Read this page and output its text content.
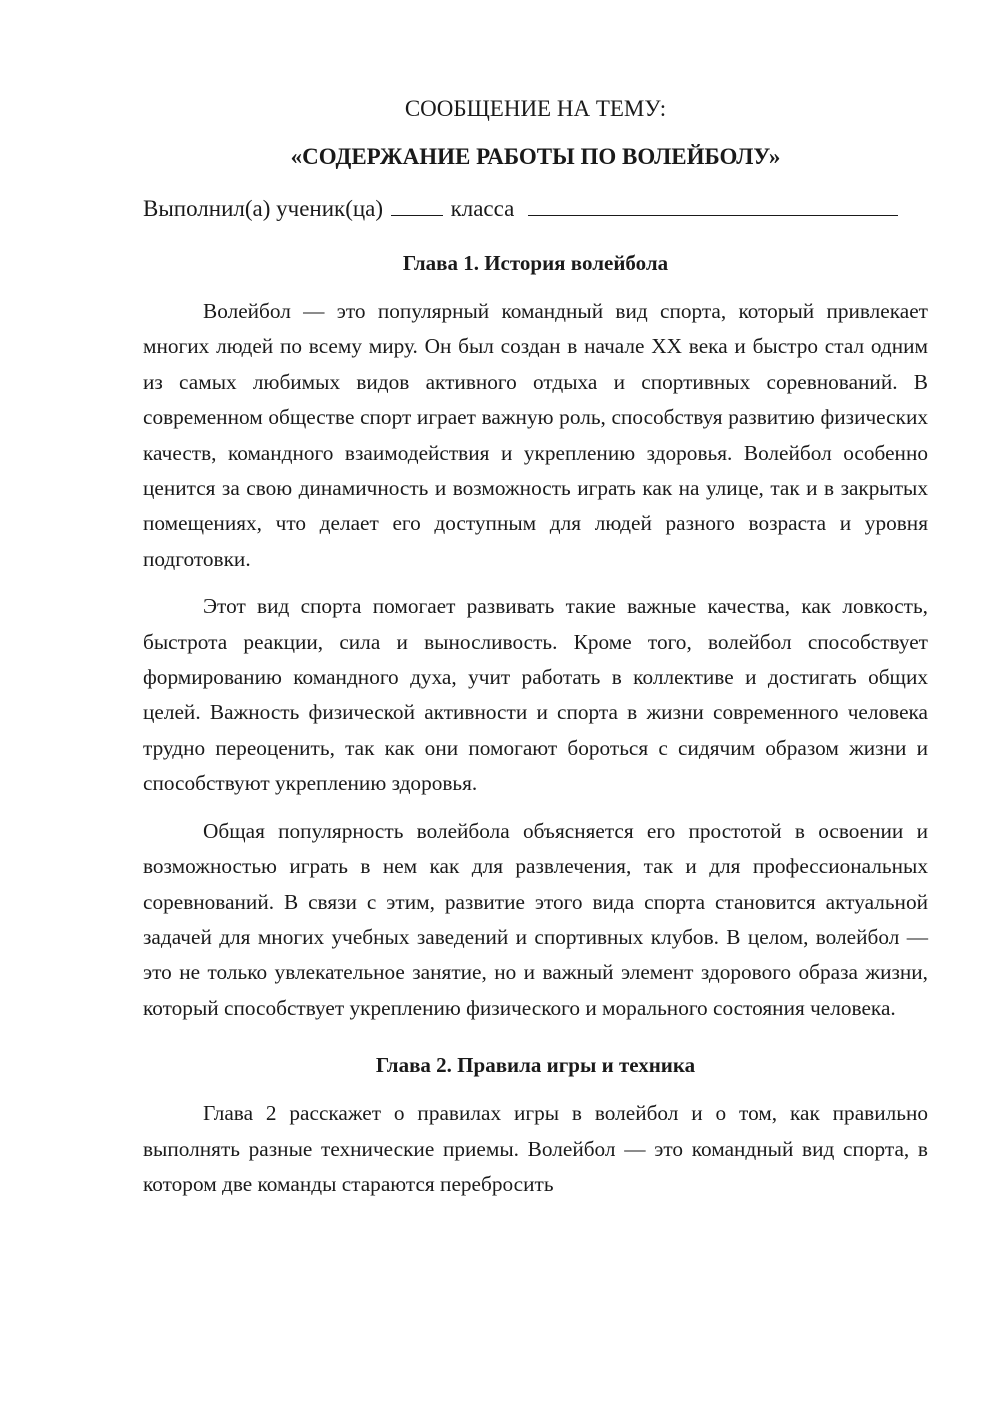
СООБЩЕНИЕ НА ТЕМУ:

«СОДЕРЖАНИЕ РАБОТЫ ПО ВОЛЕЙБОЛУ»

Выполнил(а) ученик(ца)	класса
Глава 1. История волейбола

Волейбол — это популярный командный вид спорта, который привлекает многих людей по всему миру. Он был создан в начале XX века и быстро стал одним из самых любимых видов активного отдыха и спортивных соревнований. В современном обществе спорт играет важную роль, способствуя развитию физических качеств, командного взаимодействия и укреплению здоровья. Волейбол особенно ценится за свою динамичность и возможность играть как на улице, так и в закрытых помещениях, что делает его доступным для людей разного возраста и уровня подготовки.

Этот вид спорта помогает развивать такие важные качества, как ловкость, быстрота реакции, сила и выносливость. Кроме того, волейбол способствует формированию командного духа, учит работать в коллективе и достигать общих целей. Важность физической активности и спорта в жизни современного человека трудно переоценить, так как они помогают бороться с сидячим образом жизни и способствуют укреплению здоровья.

Общая популярность волейбола объясняется его простотой в освоении и возможностью играть в нем как для развлечения, так и для профессиональных соревнований. В связи с этим, развитие этого вида спорта становится актуальной задачей для многих учебных заведений и спортивных клубов. В целом, волейбол — это не только увлекательное занятие, но и важный элемент здорового образа жизни, который способствует укреплению физического и морального состояния человека.

Глава 2. Правила игры и техника

Глава 2 расскажет о правилах игры в волейбол и о том, как правильно выполнять разные технические приемы. Волейбол — это командный вид спорта, в котором две команды стараются перебросить
